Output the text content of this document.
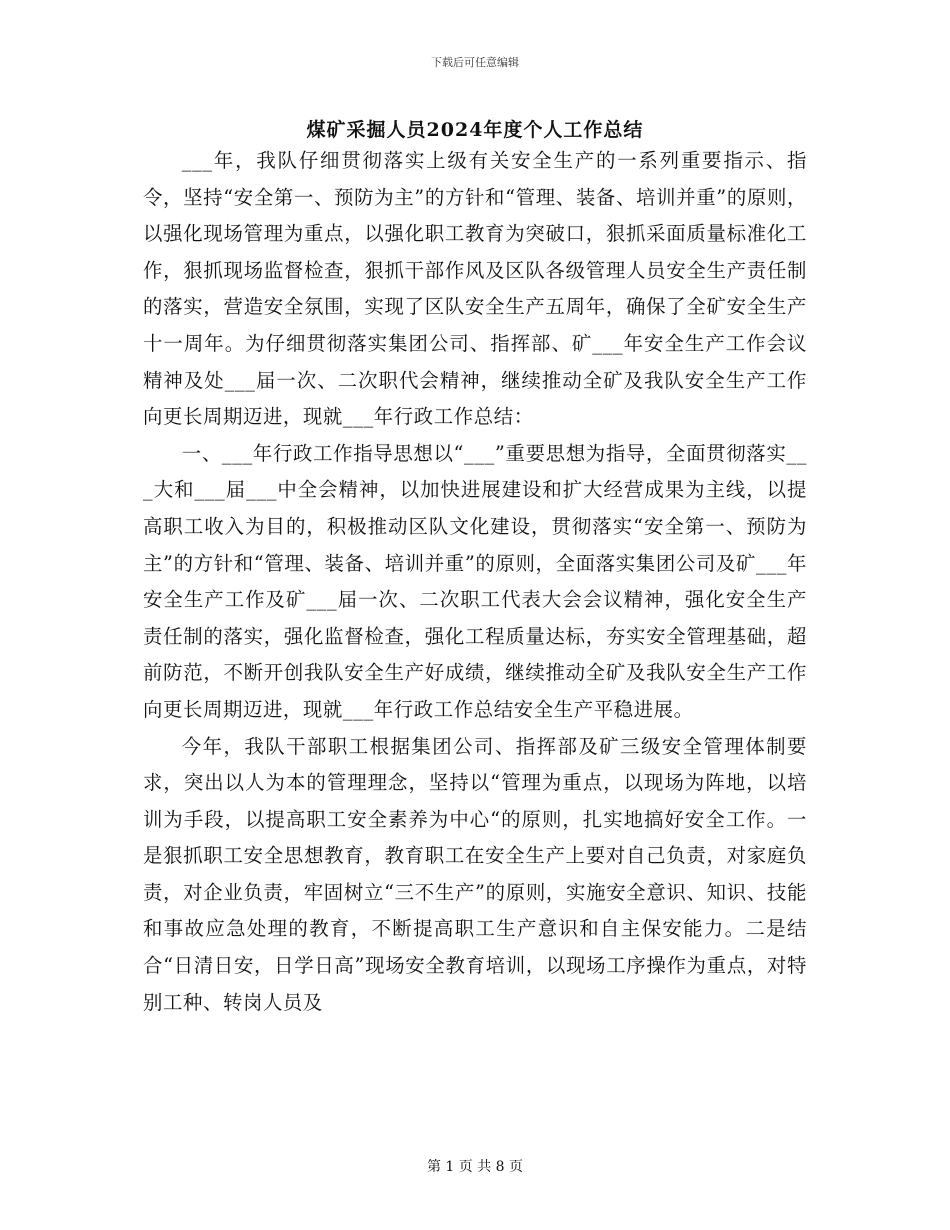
下载后可任意编辑
煤矿采掘人员2024年度个人工作总结

___年，我队仔细贯彻落实上级有关安全生产的一系列重要指示、指令，坚持“安全第一、预防为主”的方针和“管理、装备、培训并重”的原则，以强化现场管理为重点，以强化职工教育为突破口，狠抓采面质量标准化工作，狠抓现场监督检查，狠抓干部作风及区队各级管理人员安全生产责任制的落实，营造安全氛围，实现了区队安全生产五周年，确保了全矿安全生产十一周年。为仔细贯彻落实集团公司、指挥部、矿___年安全生产工作会议精神及处___届一次、二次职代会精神，继续推动全矿及我队安全生产工作向更长周期迈进，现就___年行政工作总结：

一、___年行政工作指导思想以“___”重要思想为指导，全面贯彻落实___大和___届___中全会精神，以加快进展建设和扩大经营成果为主线，以提高职工收入为目的，积极推动区队文化建设，贯彻落实“安全第一、预防为主”的方针和“管理、装备、培训并重”的原则，全面落实集团公司及矿___年安全生产工作及矿___届一次、二次职工代表大会会议精神，强化安全生产责任制的落实，强化监督检查，强化工程质量达标，夯实安全管理基础，超前防范，不断开创我队安全生产好成绩，继续推动全矿及我队安全生产工作向更长周期迈进，现就___年行政工作总结安全生产平稳进展。

今年，我队干部职工根据集团公司、指挥部及矿三级安全管理体制要求，突出以人为本的管理理念，坚持以“管理为重点，以现场为阵地，以培训为手段，以提高职工安全素养为中心“的原则，扎实地搞好安全工作。一是狠抓职工安全思想教育，教育职工在安全生产上要对自己负责，对家庭负责，对企业负责，牢固树立“三不生产”的原则，实施安全意识、知识、技能和事故应急处理的教育，不断提高职工生产意识和自主保安能力。二是结合“日清日安，日学日高”现场安全教育培训，以现场工序操作为重点，对特别工种、转岗人员及

第 1 页 共 8 页
